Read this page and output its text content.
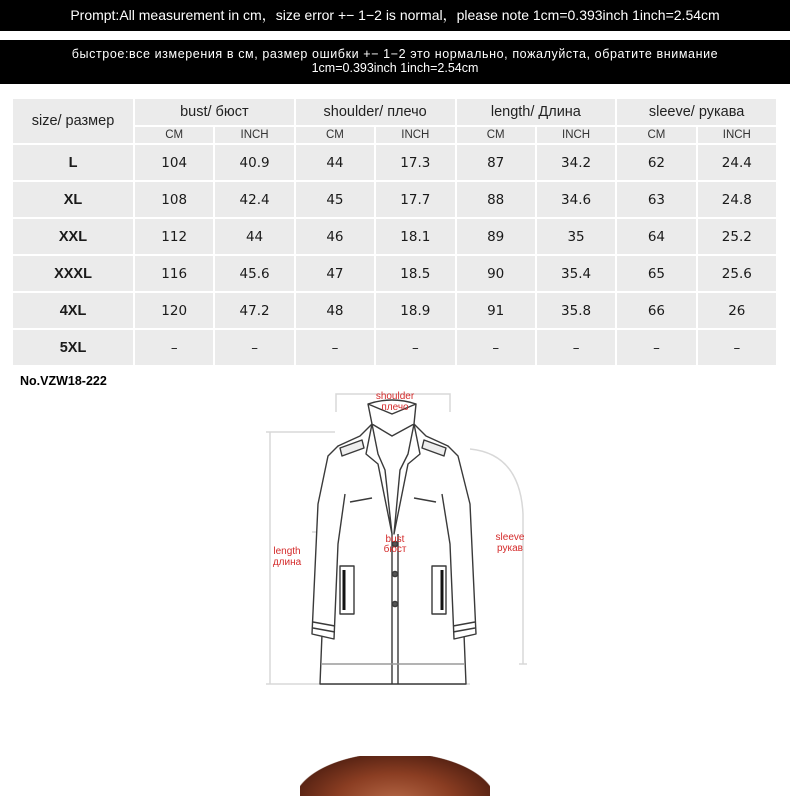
Prompt:All measurement in cm，size error +− 1−2 is normal，please note 1cm=0.393inch 1inch=2.54cm
быстрое:все измерения в см, размер ошибки +− 1−2 это нормально, пожалуйста, обратите внимание
1cm=0.393inch 1inch=2.54cm
size/ размер	bust/ бюст		shoulder/ плечо		length/ Длина		sleeve/ рукава	
	CM	INCH	CM	INCH	CM	INCH	CM	INCH
L	104	40.9	44	17.3	87	34.2	62	24.4
XL	108	42.4	45	17.7	88	34.6	63	24.8
XXL	112	44	46	18.1	89	35	64	25.2
XXXL	116	45.6	47	18.5	90	35.4	65	25.6
4XL	120	47.2	48	18.9	91	35.8	66	26
5XL	–	–	–	–	–	–	–	–
No.VZW18-222
shoulder
плечо
bust
бюст
length
длина
sleeve
рукав
